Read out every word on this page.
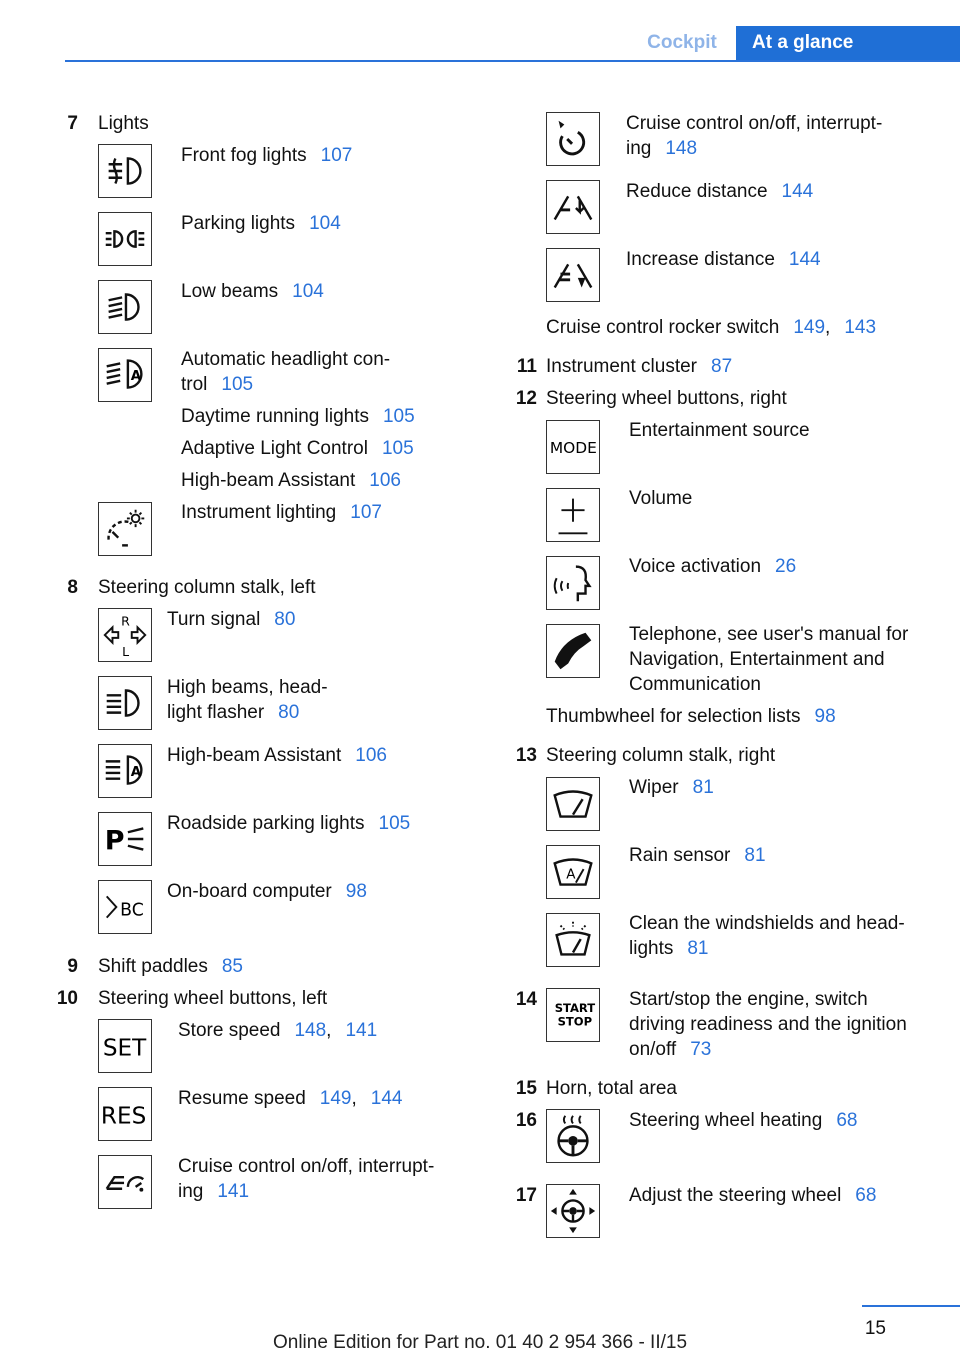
Cockpit	At a glance
7 Lights
Front fog lights 107
Parking lights 104
Low beams 104
A
Automatic headlight con-
trol 105
Daytime running lights 105
Adaptive Light Control 105
High-beam Assistant 106
Instrument lighting 107
8 Steering column stalk, left
R
L
Turn signal 80
High beams, head-
light flasher 80
A
High-beam Assistant 106
P
Roadside parking lights 105
BC
On-board computer 98
9 Shift paddles 85
10 Steering wheel buttons, left
SET
Store speed 148, 141
RES
Resume speed 149, 144
Cruise control on/off, interrupt-
ing 141
Cruise control on/off, interrupt-
ing 148
Reduce distance 144
Increase distance 144
Cruise control rocker switch 149, 143
11 Instrument cluster 87
12 Steering wheel buttons, right
MODE
Entertainment source
Volume
Voice activation 26
Telephone, see user's manual for
Navigation, Entertainment and
Communication
Thumbwheel for selection lists 98
13 Steering column stalk, right
Wiper 81
A
Rain sensor 81
Clean the windshields and head-
lights 81
14 START
STOP
Start/stop the engine, switch
driving readiness and the ignition
on/off 73
15 Horn, total area
16	Steering wheel heating 68
17	Adjust the steering wheel 68
15
Online Edition for Part no. 01 40 2 954 366 - II/15
